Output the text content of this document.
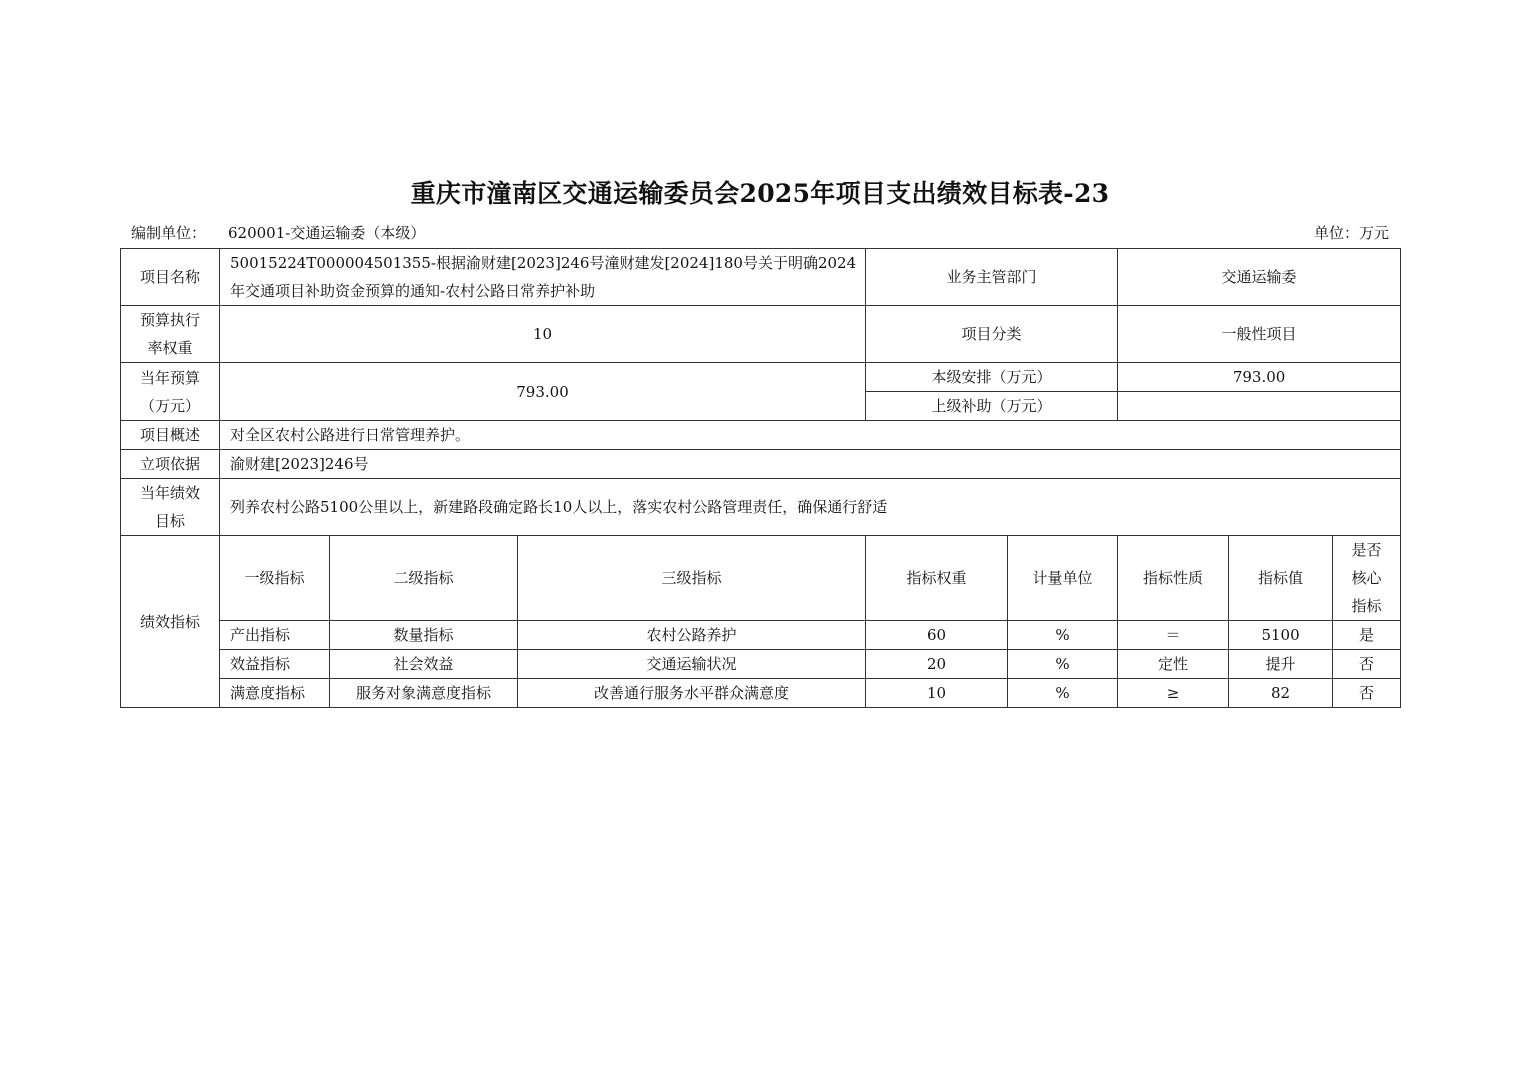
重庆市潼南区交通运输委员会2025年项目支出绩效目标表-23
编制单位： 620001-交通运输委（本级）	单位：万元
项目名称	50015224T000004501355-根据渝财建[2023]246号潼财建发[2024]180号关于明确2024年交通项目补助资金预算的通知-农村公路日常养护补助			业务主管部门		交通运输委		

预算执行
率权重	10			项目分类		一般性项目		

当年预算
（万元）	793.00			本级安排（万元）		793.00		
				上级补助（万元）				
项目概述	对全区农村公路进行日常管理养护。							
立项依据	渝财建[2023]246号							

当年绩效
目标	列养农村公路5100公里以上，新建路段确定路长10人以上，落实农村公路管理责任，确保通行舒适							
绩效指标	一级指标	二级指标	三级指标	指标权重	计量单位	指标性质	指标值	是否
核心
指标

	产出指标	数量指标	农村公路养护	60	%	＝	5100	是
	效益指标	社会效益	交通运输状况	20	%	定性	提升	否
	满意度指标	服务对象满意度指标	改善通行服务水平群众满意度	10	%	≥	82	否
